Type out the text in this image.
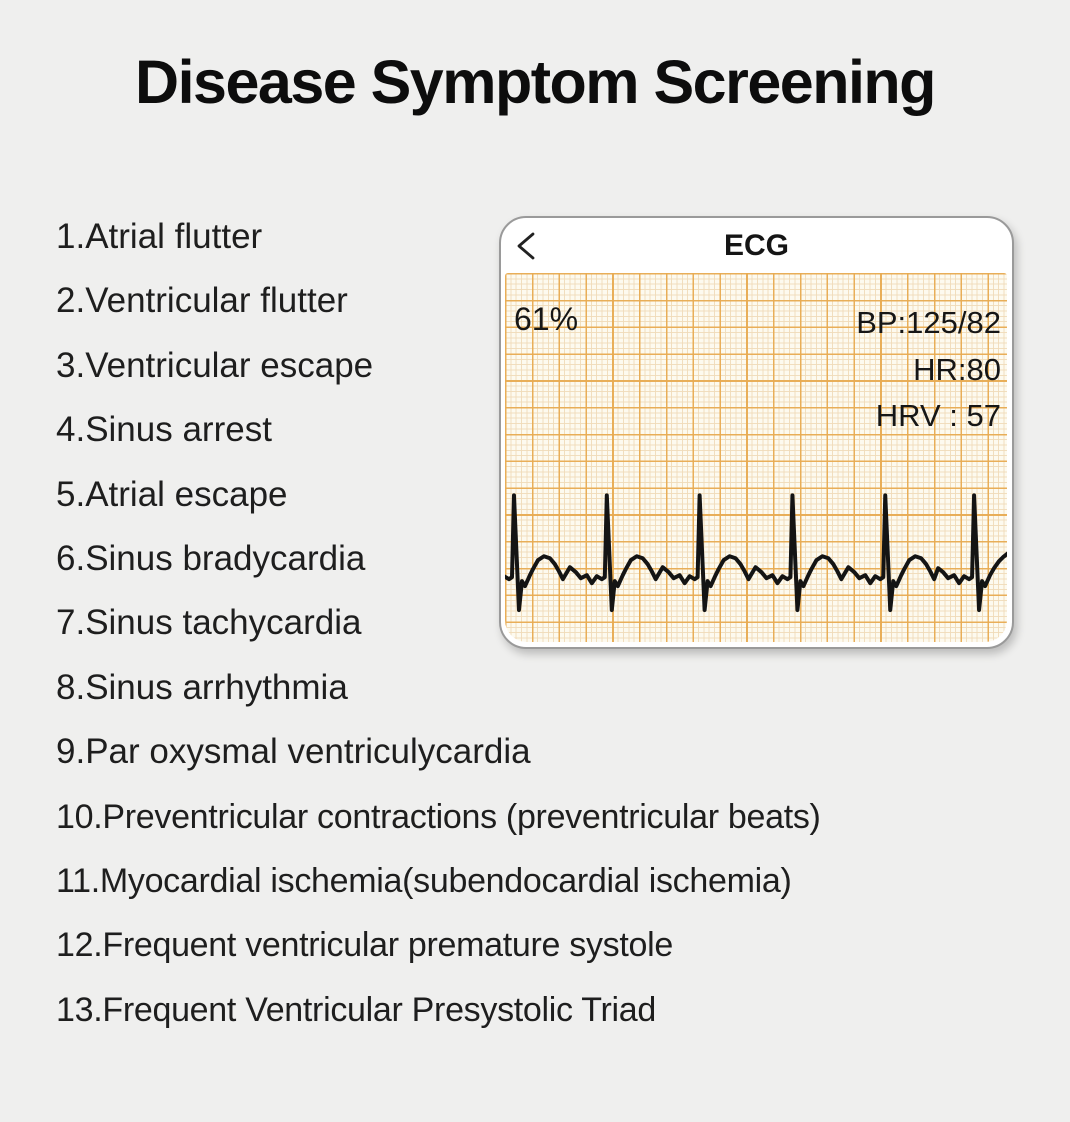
Disease Symptom Screening
1.Atrial flutter
2.Ventricular flutter
3.Ventricular escape
4.Sinus arrest
5.Atrial escape
6.Sinus bradycardia
7.Sinus tachycardia
8.Sinus arrhythmia
9.Par oxysmal ventriculycardia
10.Preventricular contractions (preventricular beats)
11.Myocardial ischemia(subendocardial ischemia)
12.Frequent ventricular premature systole
13.Frequent Ventricular Presystolic Triad
ECG
61%	BP:125/82
HR:80
HRV : 57
